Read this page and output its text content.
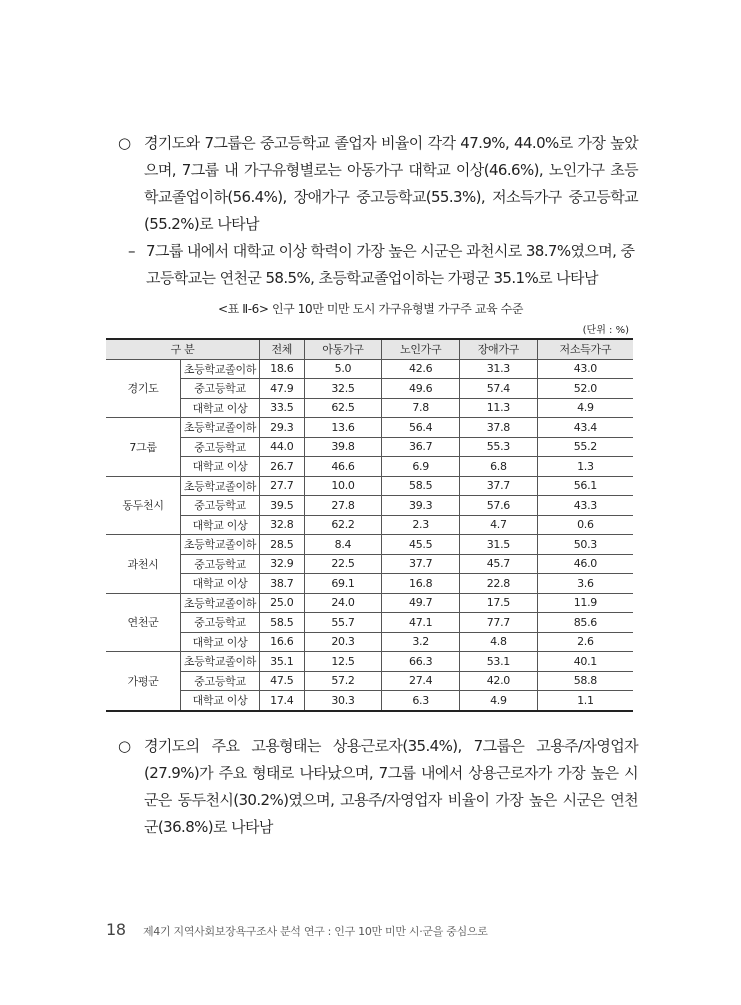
○ 경기도와 7그룹은 중고등학교 졸업자 비율이 각각 47.9%, 44.0%로 가장 높았으며, 7그룹 내 가구유형별로는 아동가구 대학교 이상(46.6%), 노인가구 초등학교졸업이하(56.4%), 장애가구 중고등학교(55.3%), 저소득가구 중고등학교(55.2%)로 나타남
– 7그룹 내에서 대학교 이상 학력이 가장 높은 시군은 과천시로 38.7%였으며, 중고등학교는 연천군 58.5%, 초등학교졸업이하는 가평군 35.1%로 나타남
<표 Ⅱ-6> 인구 10만 미만 도시 가구유형별 가구주 교육 수준
(단위 : %)
구 분		전체	아동가구	노인가구	장애가구	저소득가구
경기도	초등학교졸이하	18.6	5.0	42.6	31.3	43.0
	중고등학교	47.9	32.5	49.6	57.4	52.0
	대학교 이상	33.5	62.5	7.8	11.3	4.9
7그룹	초등학교졸이하	29.3	13.6	56.4	37.8	43.4
	중고등학교	44.0	39.8	36.7	55.3	55.2
	대학교 이상	26.7	46.6	6.9	6.8	1.3
동두천시	초등학교졸이하	27.7	10.0	58.5	37.7	56.1
	중고등학교	39.5	27.8	39.3	57.6	43.3
	대학교 이상	32.8	62.2	2.3	4.7	0.6
과천시	초등학교졸이하	28.5	8.4	45.5	31.5	50.3
	중고등학교	32.9	22.5	37.7	45.7	46.0
	대학교 이상	38.7	69.1	16.8	22.8	3.6
연천군	초등학교졸이하	25.0	24.0	49.7	17.5	11.9
	중고등학교	58.5	55.7	47.1	77.7	85.6
	대학교 이상	16.6	20.3	3.2	4.8	2.6
가평군	초등학교졸이하	35.1	12.5	66.3	53.1	40.1
	중고등학교	47.5	57.2	27.4	42.0	58.8
	대학교 이상	17.4	30.3	6.3	4.9	1.1
○ 경기도의 주요 고용형태는 상용근로자(35.4%), 7그룹은 고용주/자영업자(27.9%)가 주요 형태로 나타났으며, 7그룹 내에서 상용근로자가 가장 높은 시군은 동두천시(30.2%)였으며, 고용주/자영업자 비율이 가장 높은 시군은 연천군(36.8%)로 나타남
18 제4기 지역사회보장욕구조사 분석 연구 : 인구 10만 미만 시·군을 중심으로
